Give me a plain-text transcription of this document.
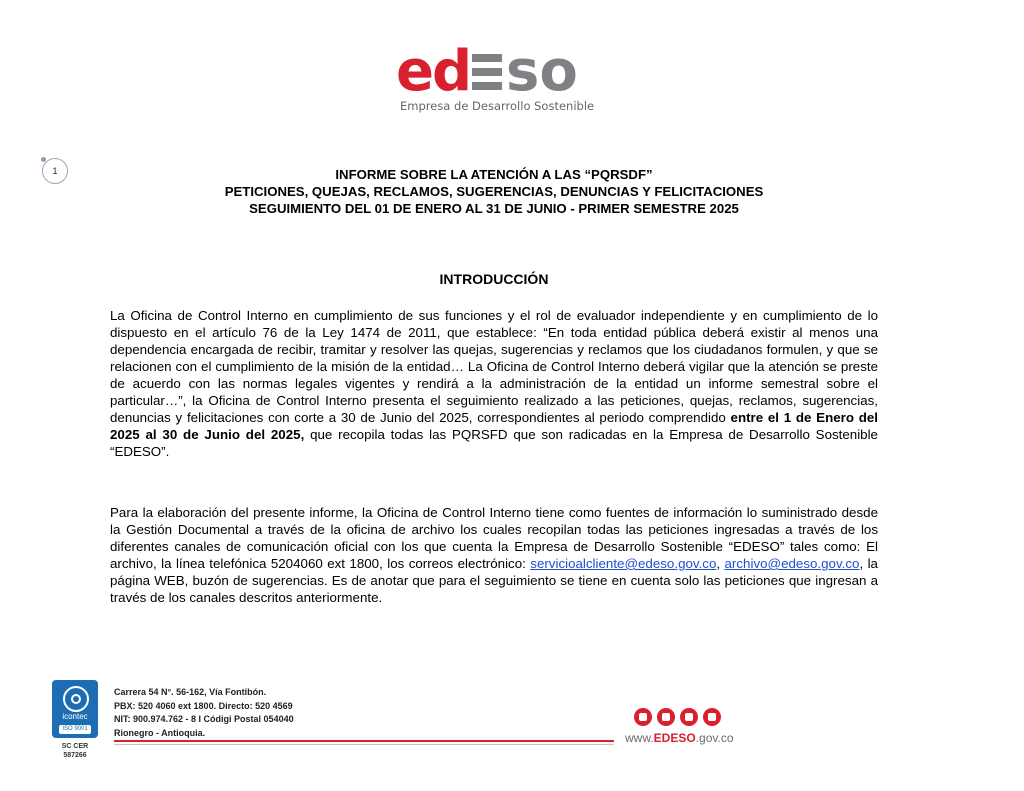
e
d so
Empresa de Desarrollo Sostenible
1	INFORME SOBRE LA ATENCIÓN A LAS “PQRSDF”
PETICIONES, QUEJAS, RECLAMOS, SUGERENCIAS, DENUNCIAS Y FELICITACIONES
SEGUIMIENTO DEL 01 DE ENERO AL 31 DE JUNIO - PRIMER SEMESTRE 2025
INTRODUCCIÓN
La Oficina de Control Interno en cumplimiento de sus funciones y el rol de evaluador independiente y en cumplimiento de lo dispuesto en el artículo 76 de la Ley 1474 de 2011, que establece: “En toda entidad pública deberá existir al menos una dependencia encargada de recibir, tramitar y resolver las quejas, sugerencias y reclamos que los ciudadanos formulen, y que se relacionen con el cumplimiento de la misión de la entidad… La Oficina de Control Interno deberá vigilar que la atención se preste de acuerdo con las normas legales vigentes y rendirá a la administración de la entidad un informe semestral sobre el particular…”, la Oficina de Control Interno presenta el seguimiento realizado a las peticiones, quejas, reclamos, sugerencias, denuncias y felicitaciones con corte a 30 de Junio del 2025, correspondientes al periodo comprendido entre el 1 de Enero del 2025 al 30 de Junio del 2025, que recopila todas las PQRSFD que son radicadas en la Empresa de Desarrollo Sostenible “EDESO”.
Para la elaboración del presente informe, la Oficina de Control Interno tiene como fuentes de información lo suministrado desde la Gestión Documental a través de la oficina de archivo los cuales recopilan todas las peticiones ingresadas a través de los diferentes canales de comunicación oficial con los que cuenta la Empresa de Desarrollo Sostenible “EDESO” tales como: El archivo, la línea telefónica 5204060 ext 1800, los correos electrónico: servicioalcliente@edeso.gov.co, archivo@edeso.gov.co, la página WEB, buzón de sugerencias. Es de anotar que para el seguimiento se tiene en cuenta solo las peticiones que ingresan a través de los canales descritos anteriormente.
icontec
ISO 9001
SC CER
587266
Carrera 54 N°. 56-162, Vía Fontibón.
PBX: 520 4060 ext 1800. Directo: 520 4569
NIT: 900.974.762 - 8 I Códigi Postal 054040
Rionegro - Antioquia.	www.EDESO.gov.co
